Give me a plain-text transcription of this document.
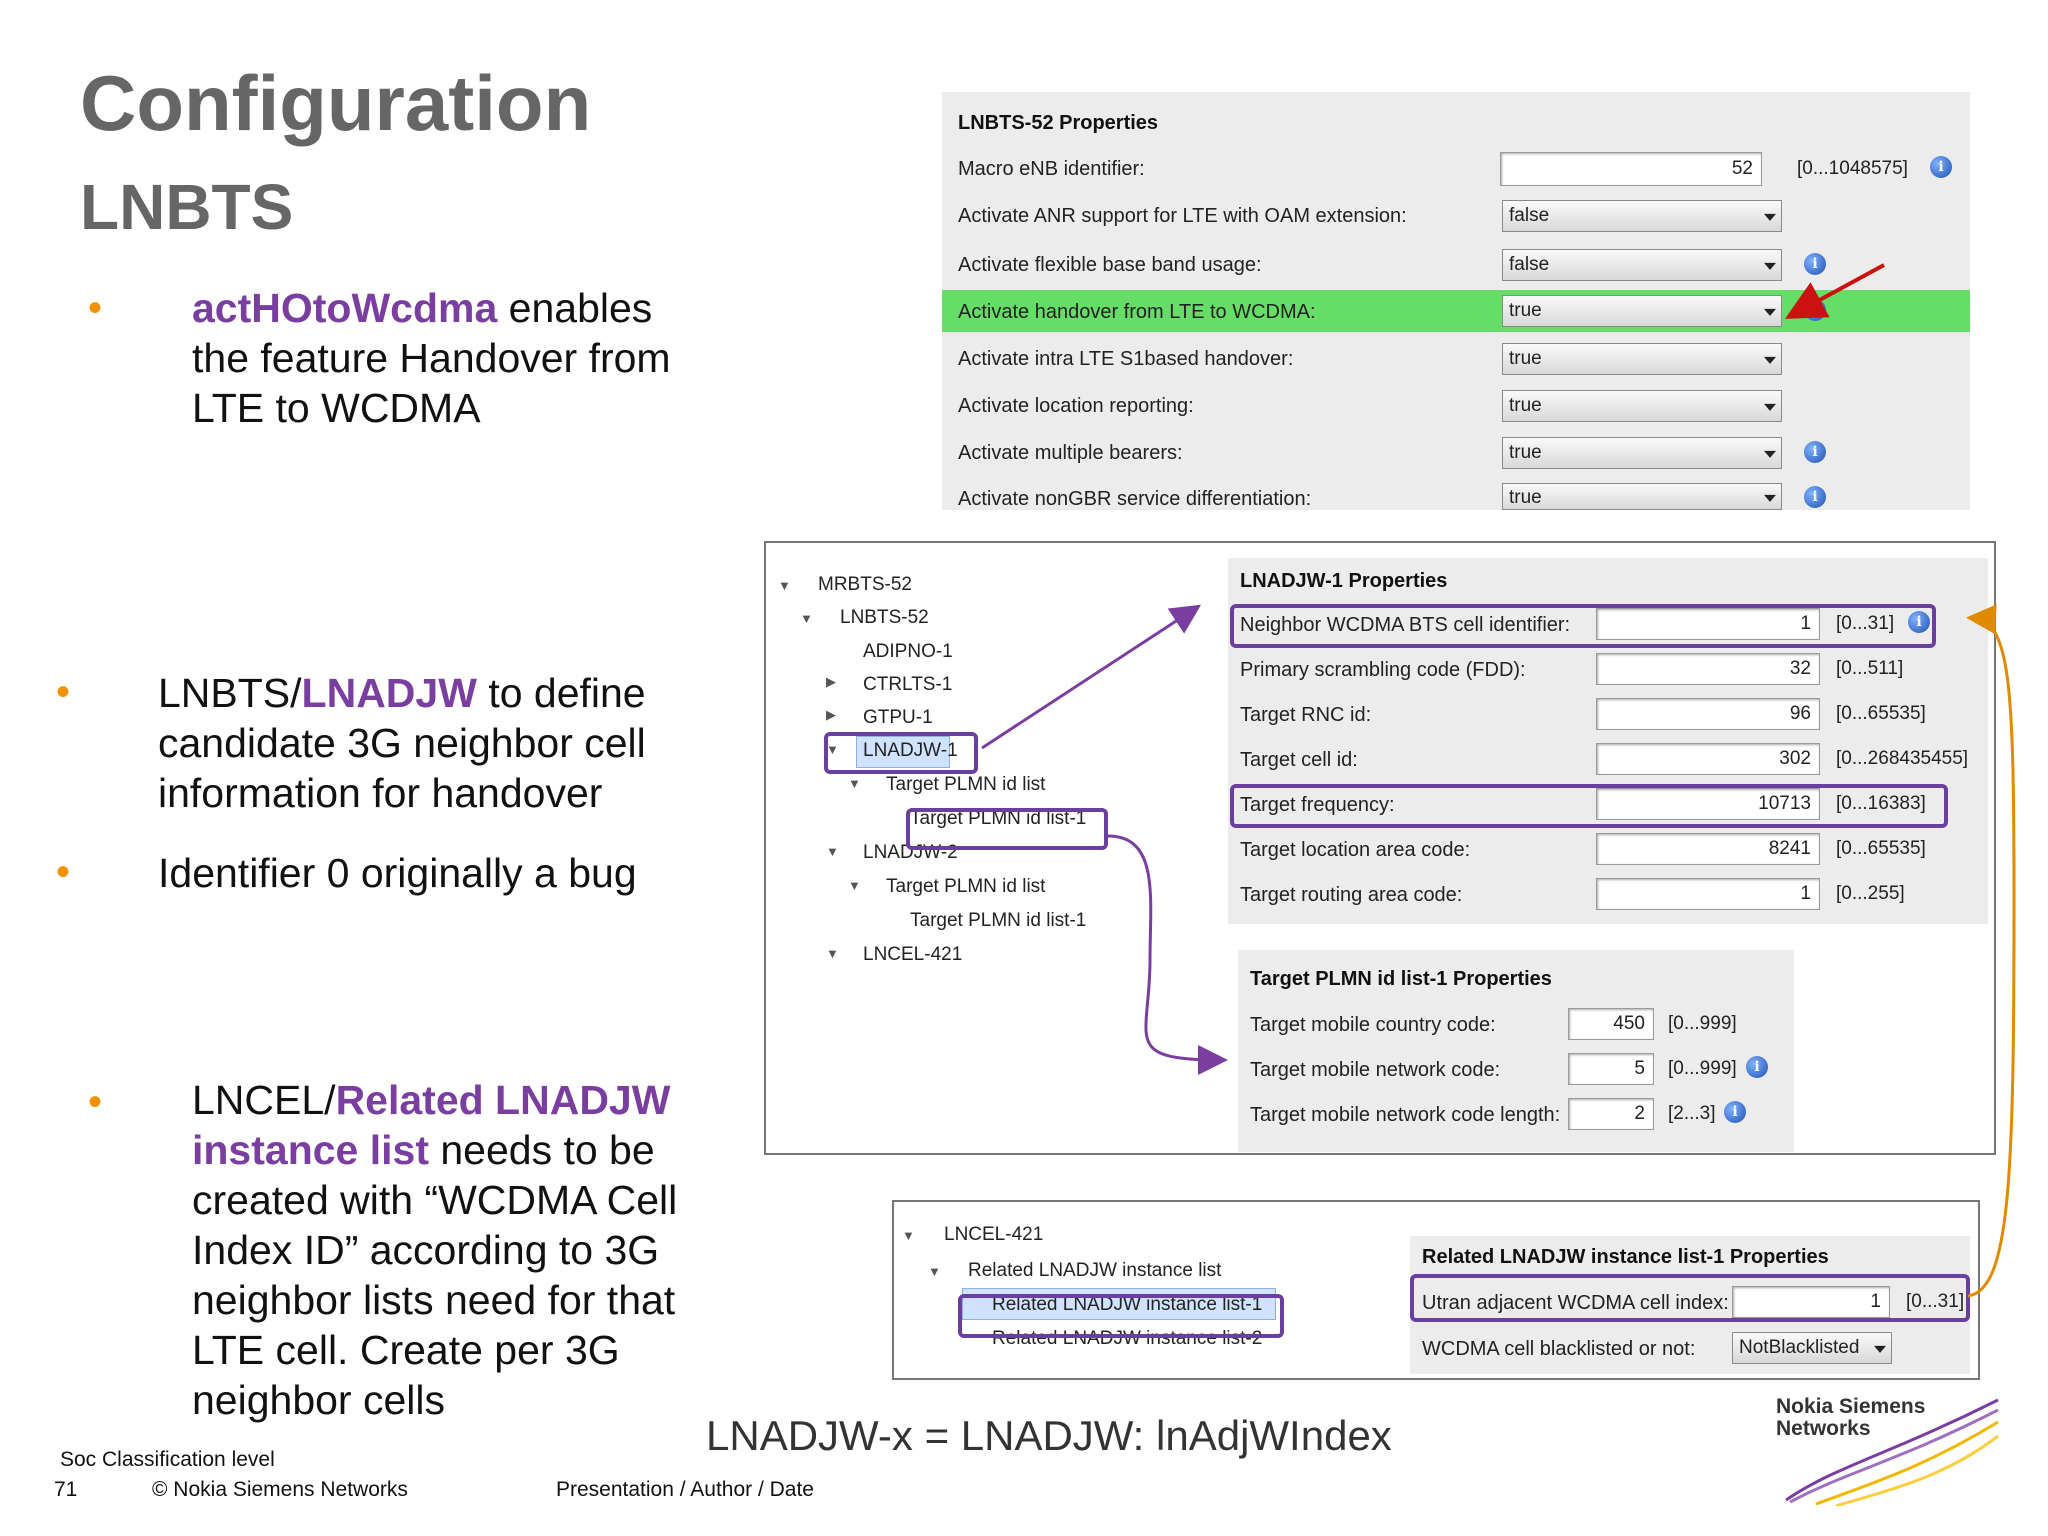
Configuration
LNBTS
• actHOtoWcdma enables
the feature Handover from
LTE to WCDMA
• LNBTS/LNADJW to define
candidate 3G neighbor cell
information for handover
• Identifier 0 originally a bug
• LNCEL/Related LNADJW
instance list needs to be
created with “WCDMA Cell
Index ID” according to 3G
neighbor lists need for that
LTE cell. Create per 3G
neighbor cells
LNBTS-52 Properties
Macro eNB identifier:	52	[0...1048575]	i
Activate ANR support for LTE with OAM extension:	false
Activate flexible base band usage:	false	i
Activate handover from LTE to WCDMA:	true	i
Activate intra LTE S1based handover:	true
Activate location reporting:	true
Activate multiple bearers:	true	i
Activate nonGBR service differentiation:	true	i
▼ MRBTS-52
▼ LNBTS-52
ADIPNO-1
▶ CTRLTS-1
▶ GTPU-1
▼ LNADJW-1
▼ Target PLMN id list
Target PLMN id list-1
▼ LNADJW-2
▼ Target PLMN id list
Target PLMN id list-1
▼ LNCEL-421
LNADJW-1 Properties
Neighbor WCDMA BTS cell identifier:	1	[0...31]	i
Primary scrambling code (FDD):	32	[0...511]
Target RNC id:	96	[0...65535]
Target cell id:	302	[0...268435455]
Target frequency:	10713	[0...16383]
Target location area code:	8241	[0...65535]
Target routing area code:	1	[0...255]
Target PLMN id list-1 Properties
Target mobile country code:	450	[0...999]
Target mobile network code:	5	[0...999]	i
Target mobile network code length:	2	[2...3]	i
▼ LNCEL-421
▼ Related LNADJW instance list
Related LNADJW instance list-1
Related LNADJW instance list-2
Related LNADJW instance list-1 Properties
Utran adjacent WCDMA cell index:	1	[0...31]
WCDMA cell blacklisted or not:	NotBlacklisted
LNADJW-x = LNADJW: lnAdjWIndex
Soc Classification level
71	© Nokia Siemens Networks	Presentation / Author / Date
Nokia Siemens
Networks
